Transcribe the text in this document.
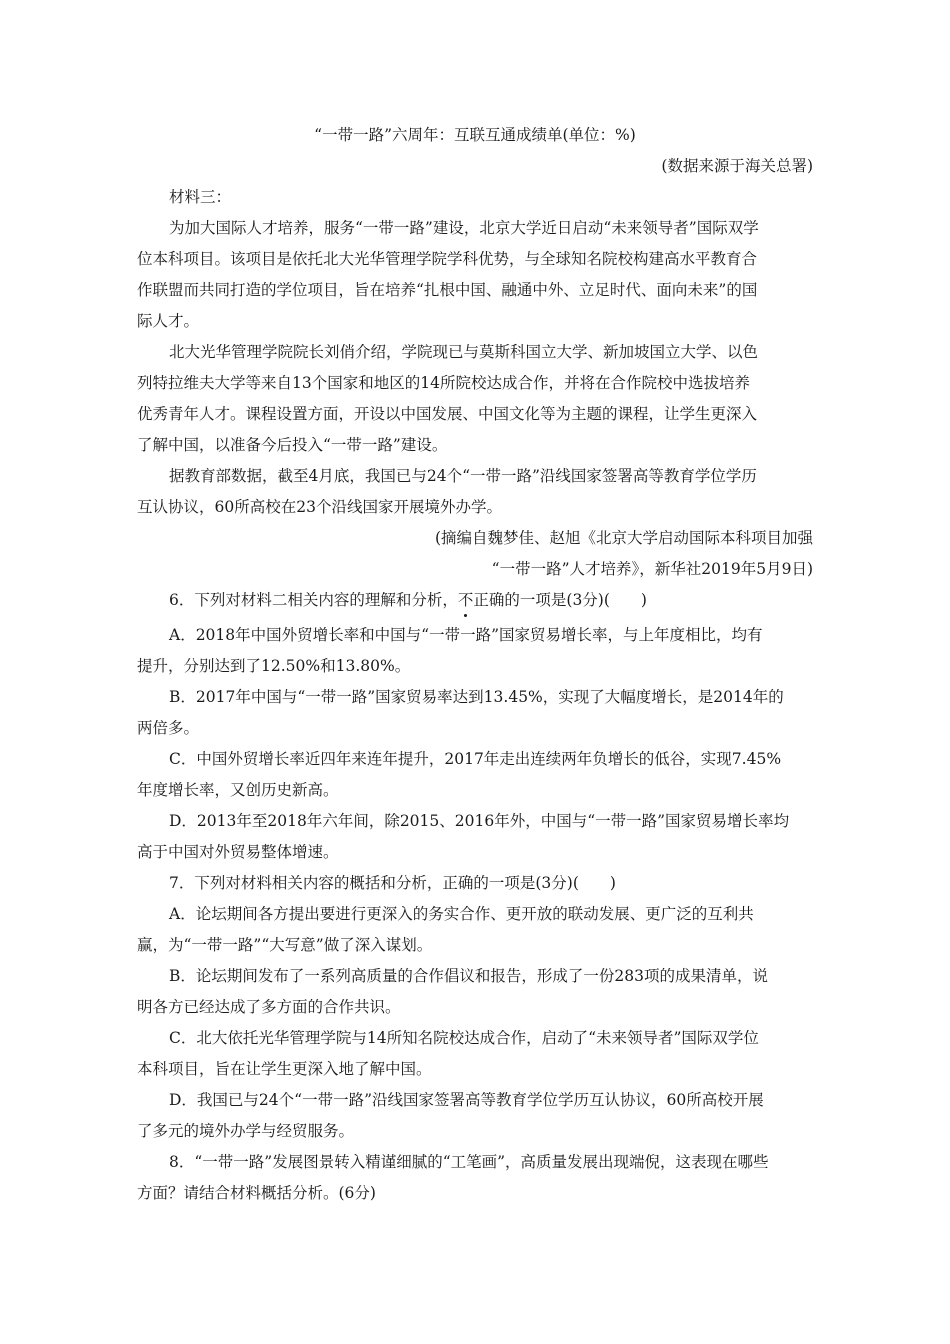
“一带一路”六周年：互联互通成绩单(单位：%)
(数据来源于海关总署)
材料三：
为加大国际人才培养，服务“一带一路”建设，北京大学近日启动“未来领导者”国际双学
位本科项目。该项目是依托北大光华管理学院学科优势，与全球知名院校构建高水平教育合
作联盟而共同打造的学位项目，旨在培养“扎根中国、融通中外、立足时代、面向未来”的国
际人才。
北大光华管理学院院长刘俏介绍，学院现已与莫斯科国立大学、新加坡国立大学、以色
列特拉维夫大学等来自13个国家和地区的14所院校达成合作，并将在合作院校中选拔培养
优秀青年人才。课程设置方面，开设以中国发展、中国文化等为主题的课程，让学生更深入
了解中国，以准备今后投入“一带一路”建设。
据教育部数据，截至4月底，我国已与24个“一带一路”沿线国家签署高等教育学位学历
互认协议，60所高校在23个沿线国家开展境外办学。
(摘编自魏梦佳、赵旭《北京大学启动国际本科项目加强
“一带一路”人才培养》，新华社2019年5月9日)
6．下列对材料二相关内容的理解和分析，不正确的一项是(3分)(　　)
A．2018年中国外贸增长率和中国与“一带一路”国家贸易增长率，与上年度相比，均有
提升，分别达到了12.50%和13.80%。
B．2017年中国与“一带一路”国家贸易率达到13.45%，实现了大幅度增长，是2014年的
两倍多。
C．中国外贸增长率近四年来连年提升，2017年走出连续两年负增长的低谷，实现7.45%
年度增长率，又创历史新高。
D．2013年至2018年六年间，除2015、2016年外，中国与“一带一路”国家贸易增长率均
高于中国对外贸易整体增速。
7．下列对材料相关内容的概括和分析，正确的一项是(3分)(　　)
A．论坛期间各方提出要进行更深入的务实合作、更开放的联动发展、更广泛的互利共
赢，为“一带一路”“大写意”做了深入谋划。
B．论坛期间发布了一系列高质量的合作倡议和报告，形成了一份283项的成果清单，说
明各方已经达成了多方面的合作共识。
C．北大依托光华管理学院与14所知名院校达成合作，启动了“未来领导者”国际双学位
本科项目，旨在让学生更深入地了解中国。
D．我国已与24个“一带一路”沿线国家签署高等教育学位学历互认协议，60所高校开展
了多元的境外办学与经贸服务。
8．“一带一路”发展图景转入精谨细腻的“工笔画”，高质量发展出现端倪，这表现在哪些
方面？请结合材料概括分析。(6分)
